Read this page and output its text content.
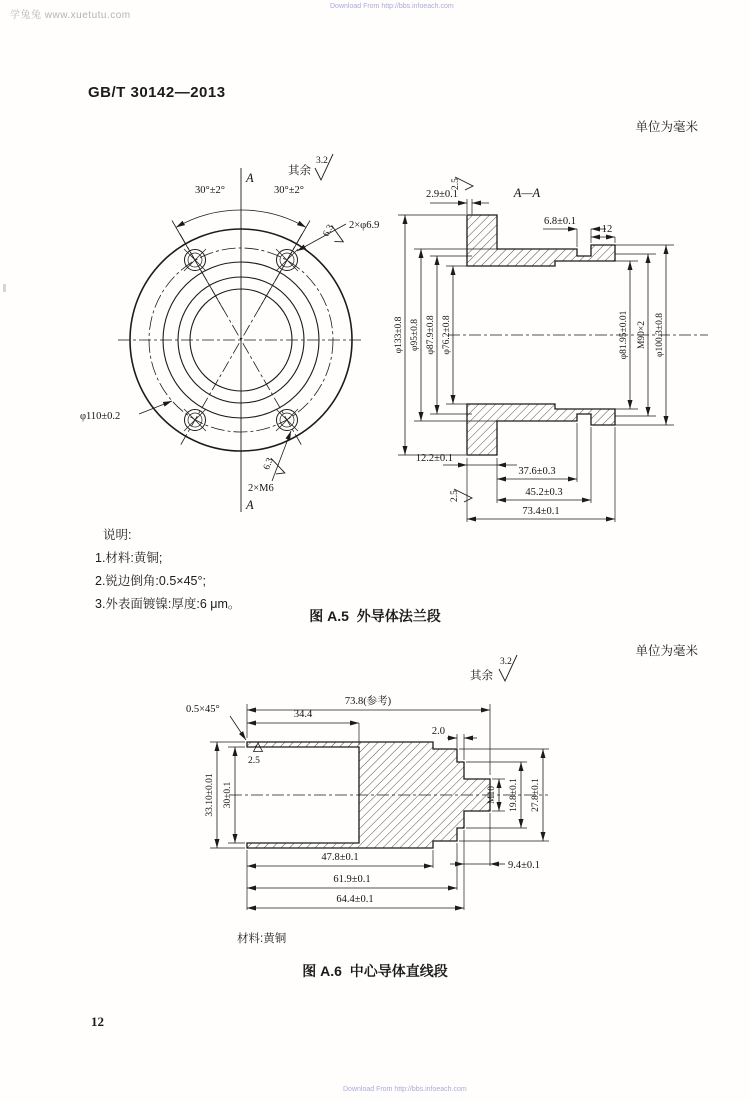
学兔兔 www.xuetutu.com
Download From http://bbs.infoeach.com
Download From http://bbs.infoeach.com
GB/T 30142—2013
单位为毫米
单位为毫米
6.3
6.3
30°±2°	30°±2°
A
A
2×φ6.9
φ110±0.2
2×M6
其余
3.2
φ133±0.8 φ95±0.8 φ87.9±0.8 φ76.2±0.8	φ81.95±0.01 M90×2 φ100.3±0.8
2.9±0.1	A—A
6.8±0.1
12
2.5
12.2±0.1
37.6±0.3
45.2±0.3
73.4±0.1
2.5
其余
3.2
2.5
73.8(参考)
34.4
0.5×45°
2.0
33.10±0.01 30±0.1	M10 19.8±0.1 27.8±0.1
9.4±0.1
47.8±0.1
61.9±0.1
64.4±0.1
说明:
1.材料:黄铜;
2.锐边倒角:0.5×45°;
3.外表面镀镍:厚度:6 μm。
图 A.5  外导体法兰段
材料:黄铜
图 A.6  中心导体直线段
12
